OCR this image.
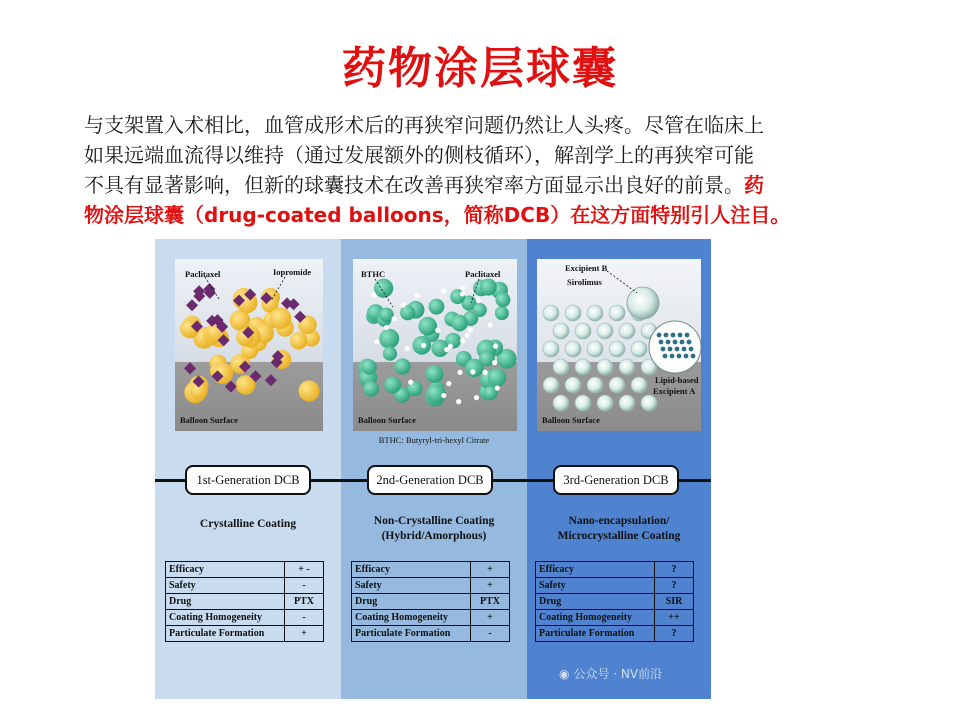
药物涂层球囊

与支架置入术相比，血管成形术后的再狭窄问题仍然让人头疼。尽管在临床上

如果远端血流得以维持（通过发展额外的侧枝循环），解剖学上的再狭窄可能

不具有显著影响，但新的球囊技术在改善再狭窄率方面显示出良好的前景。药

物涂层球囊（drug-coated balloons，简称DCB）在这方面特别引人注目。

Paclitaxel	Iopromide
Balloon Surface
BTHC	Paclitaxel
Balloon Surface
Excipient B
Sirolimus
Lipid-based
Excipient A
Balloon Surface
BTHC: Butyryl-tri-hexyl Citrate
1st-Generation DCB	2nd-Generation DCB	3rd-Generation DCB
Crystalline Coating	Non-Crystalline Coating
(Hybrid/Amorphous)
Nano-encapsulation/
Microcrystalline Coating
Efficacy	+ -
Safety	-
Drug	PTX
Coating Homogeneity	-
Particulate Formation	+
Efficacy	+
Safety	+
Drug	PTX
Coating Homogeneity	+
Particulate Formation	-
Efficacy	?
Safety	?
Drug	SIR
Coating Homogeneity	++
Particulate Formation	?
◉ 公众号 · NV前沿
